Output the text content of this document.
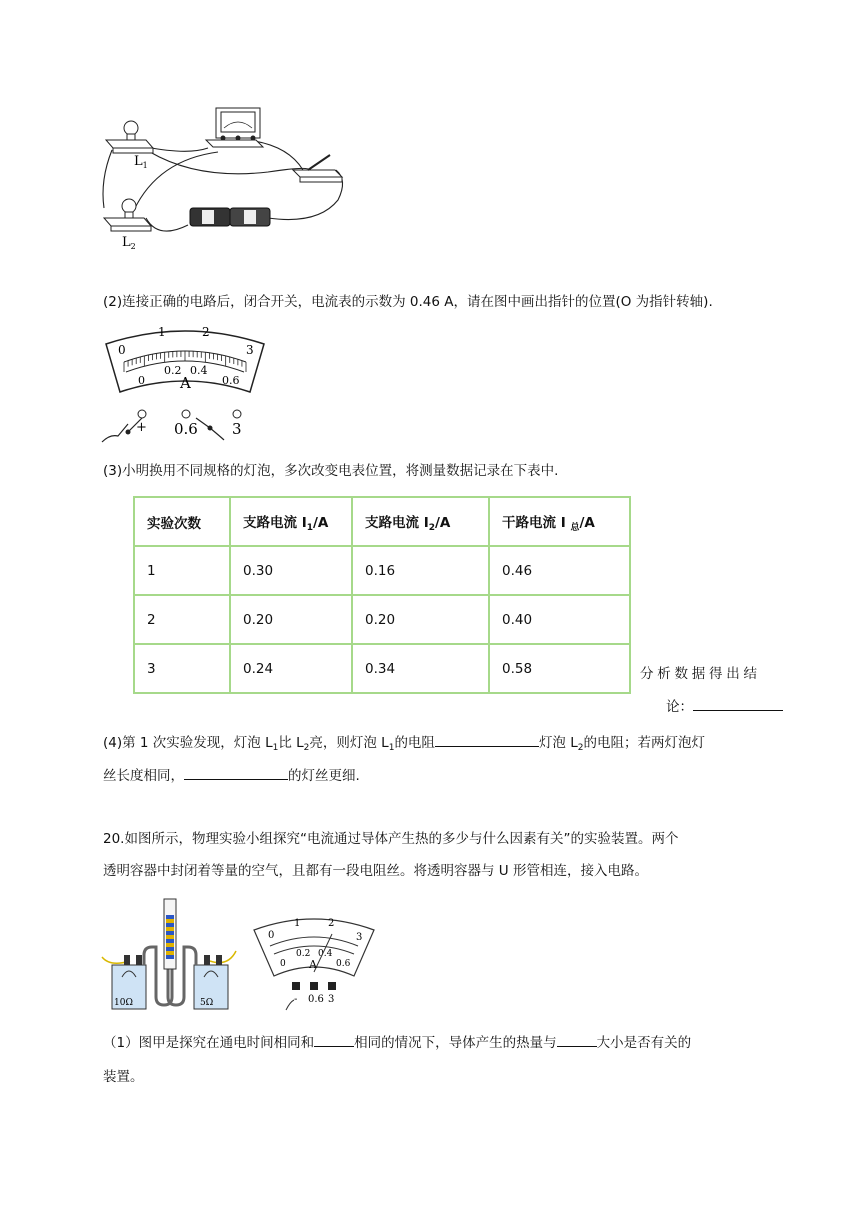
$L_1$
$L_2$
(2)连接正确的电路后，闭合开关，电流表的示数为 0.46 A，请在图中画出指针的位置(O 为指针转轴).
0
1	2
3
0
0.2 0.4
0.6
A
+ 0.6 3
(3)小明换用不同规格的灯泡，多次改变电表位置，将测量数据记录在下表中.
实验次数	支路电流 $I_1/A$	支路电流 $I_2/A$	干路电流 I $_总$/A
1	0.30	0.16	0.46
2	0.20	0.20	0.40
3	0.24	0.34	0.58	分析数据得出结
论：
(4)第 1 次实验发现，灯泡 $L_1$比 $L_2$亮，则灯泡 $L_1$的电阻	灯泡 $L_2$的电阻；若两灯泡灯
丝长度相同，	的灯丝更细.
20.如图所示，物理实验小组探究“电流通过导体产生热的多少与什么因素有关”的实验装置。两个
透明容器中封闭着等量的空气，且都有一段电阻丝。将透明容器与 U 形管相连，接入电路。
10Ω	5Ω
0
1	2
3
0
0.2 0.4
0.6
A
- 0.6 3
（1）图甲是探究在通电时间相同和	相同的情况下，导体产生的热量与	大小是否有关的
装置。
